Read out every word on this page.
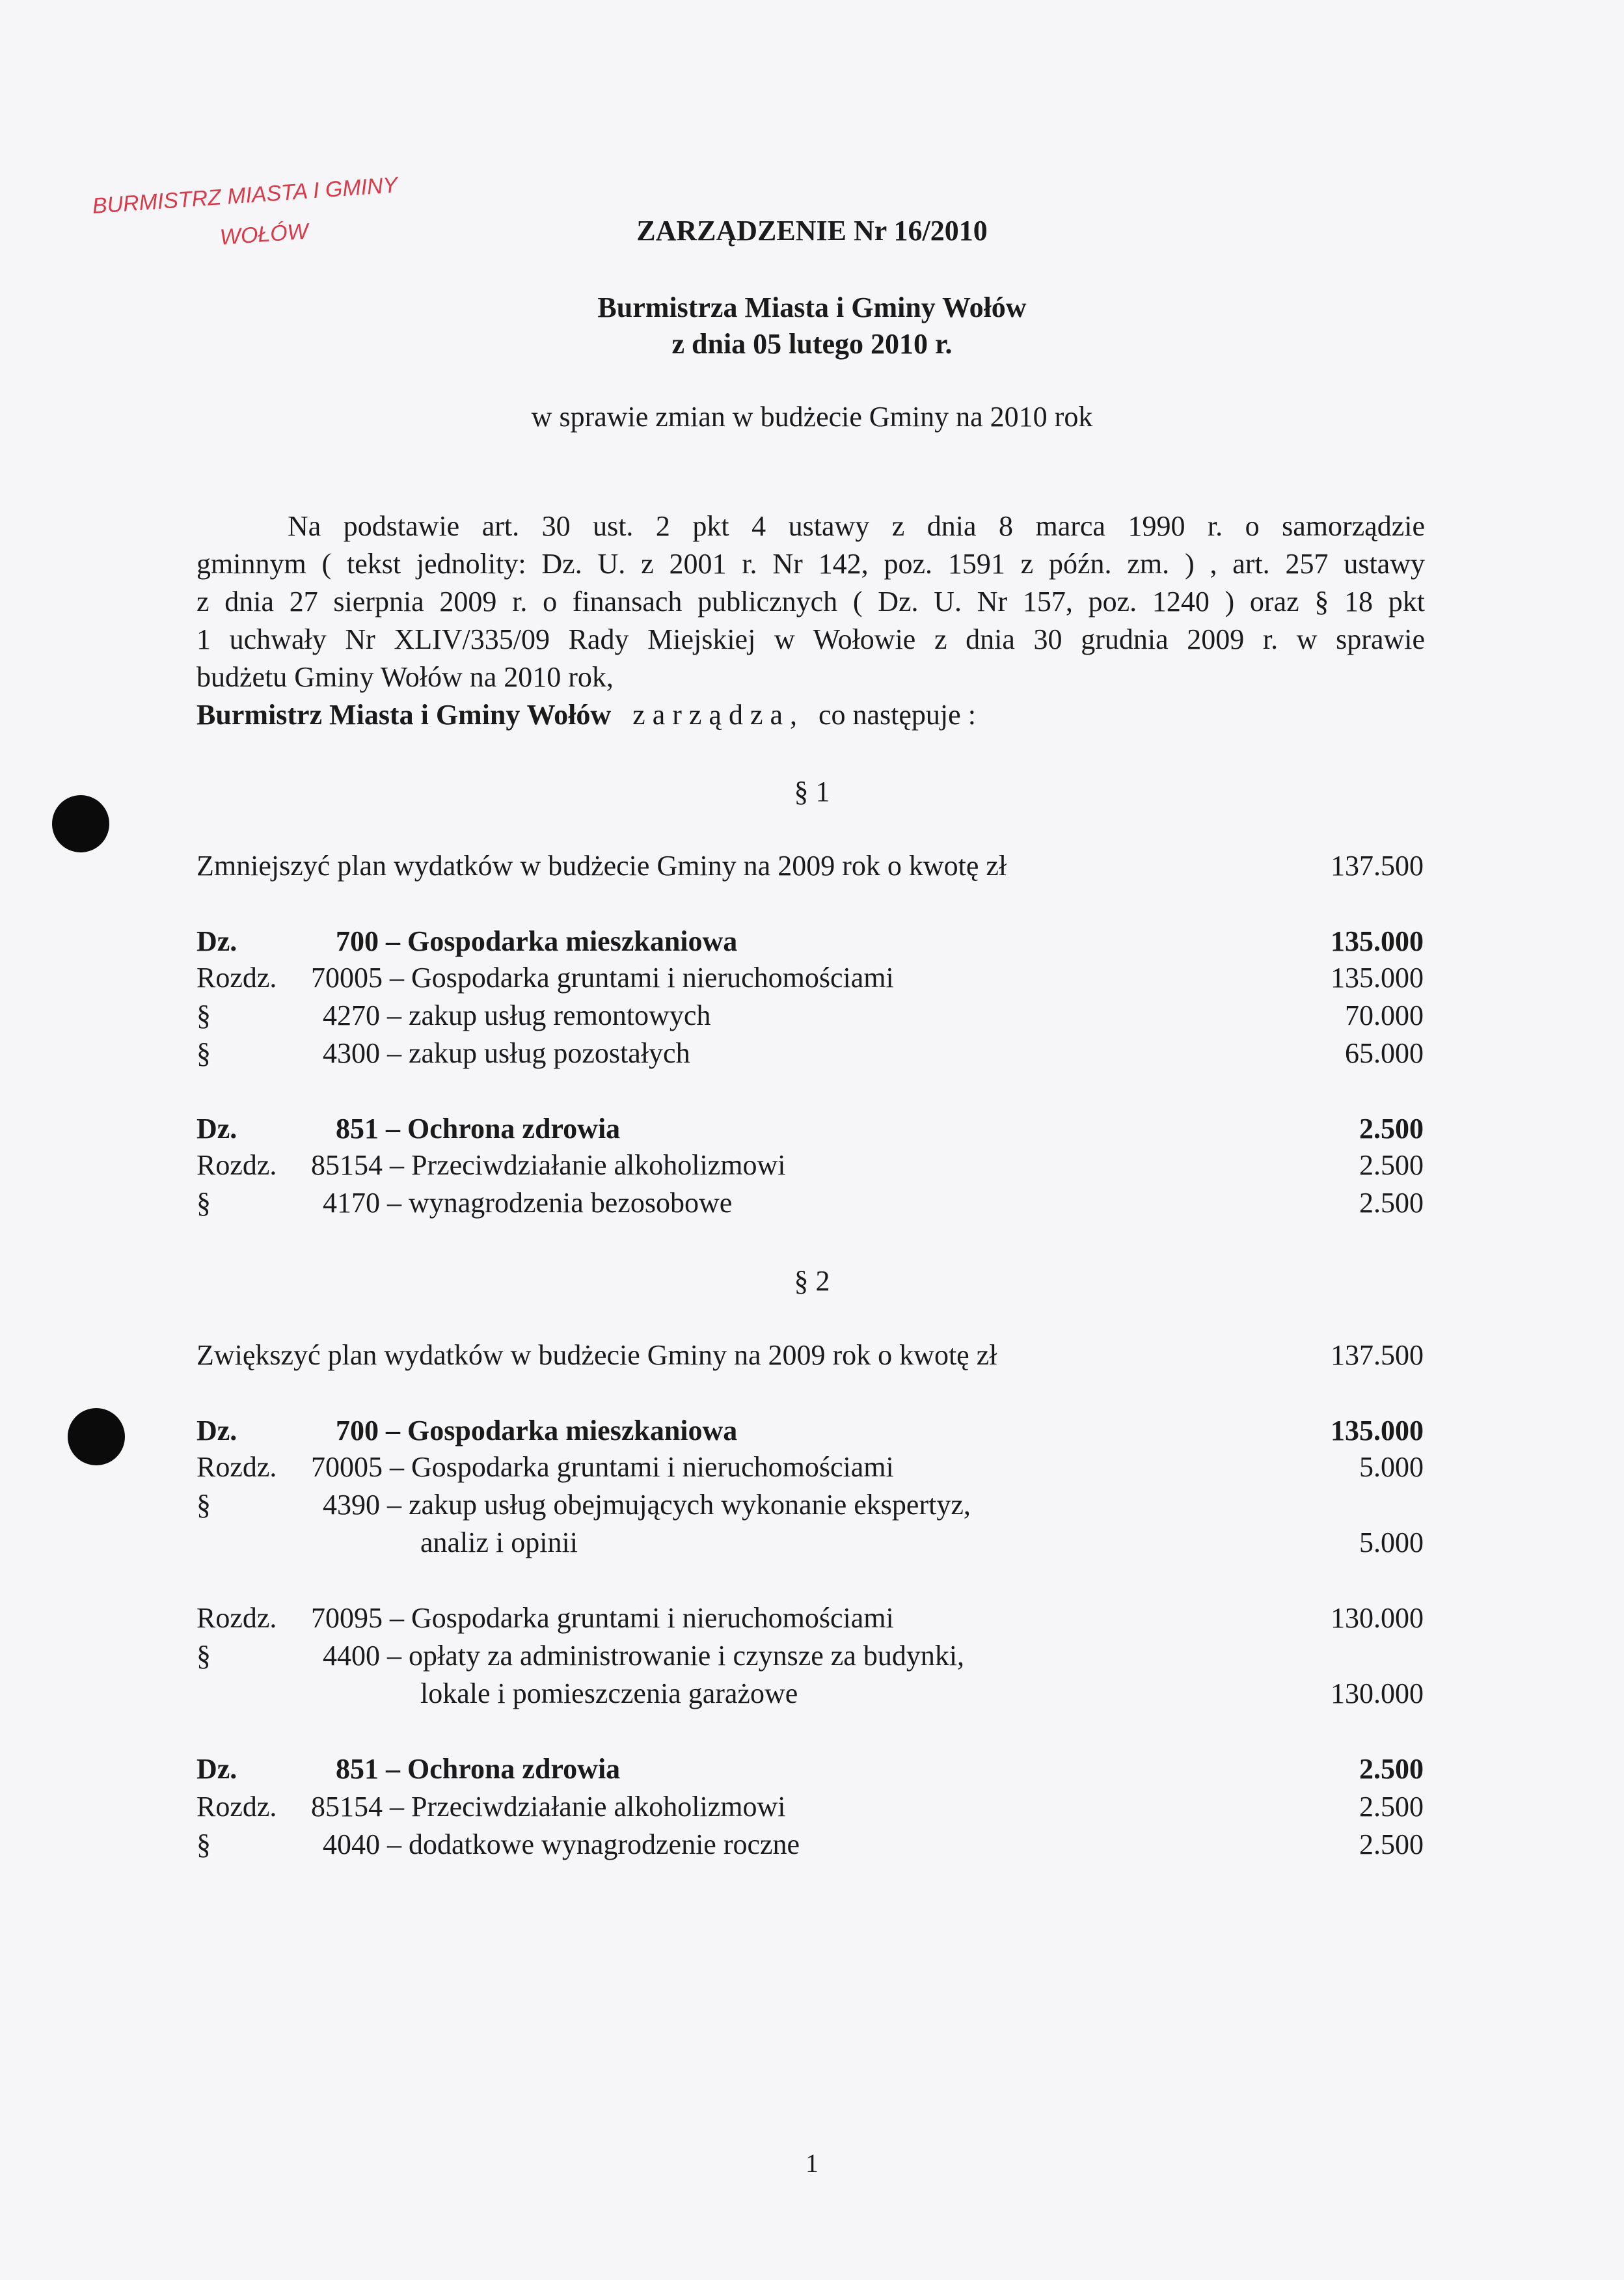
BURMISTRZ MIASTA I GMINY
WOŁÓW	ZARZĄDZENIE Nr 16/2010
Burmistrza Miasta i Gminy Wołów
z dnia 05 lutego 2010 r.
w sprawie zmian w budżecie Gminy na 2010 rok
Na podstawie art. 30 ust. 2 pkt 4 ustawy z dnia 8 marca 1990 r. o samorządzie
gminnym ( tekst jednolity: Dz. U. z 2001 r. Nr 142, poz. 1591 z późn. zm. ) , art. 257 ustawy
z dnia 27 sierpnia 2009 r. o finansach publicznych ( Dz. U. Nr 157, poz. 1240 ) oraz § 18 pkt
1 uchwały Nr XLIV/335/09 Rady Miejskiej w Wołowie z dnia 30 grudnia 2009 r. w sprawie
budżetu Gminy Wołów na 2010 rok,
Burmistrz Miasta i Gminy Wołów z a r z ą d z a , co następuje :
§ 1
Zmniejszyć plan wydatków w budżecie Gminy na 2009 rok o kwotę zł	137.500
Dz.	700 – Gospodarka mieszkaniowa	135.000
Rozdz. 70005 – Gospodarka gruntami i nieruchomościami	135.000
§	4270 – zakup usług remontowych	70.000
§	4300 – zakup usług pozostałych	65.000
Dz.	851 – Ochrona zdrowia	2.500
Rozdz. 85154 – Przeciwdziałanie alkoholizmowi	2.500
§	4170 – wynagrodzenia bezosobowe	2.500
§ 2
Zwiększyć plan wydatków w budżecie Gminy na 2009 rok o kwotę zł	137.500
Dz.	700 – Gospodarka mieszkaniowa	135.000
Rozdz. 70005 – Gospodarka gruntami i nieruchomościami	5.000
§	4390 – zakup usług obejmujących wykonanie ekspertyz,
analiz i opinii	5.000
Rozdz. 70095 – Gospodarka gruntami i nieruchomościami	130.000
§	4400 – opłaty za administrowanie i czynsze za budynki,
lokale i pomieszczenia garażowe	130.000
Dz.	851 – Ochrona zdrowia	2.500
Rozdz. 85154 – Przeciwdziałanie alkoholizmowi	2.500
§	4040 – dodatkowe wynagrodzenie roczne	2.500
1
